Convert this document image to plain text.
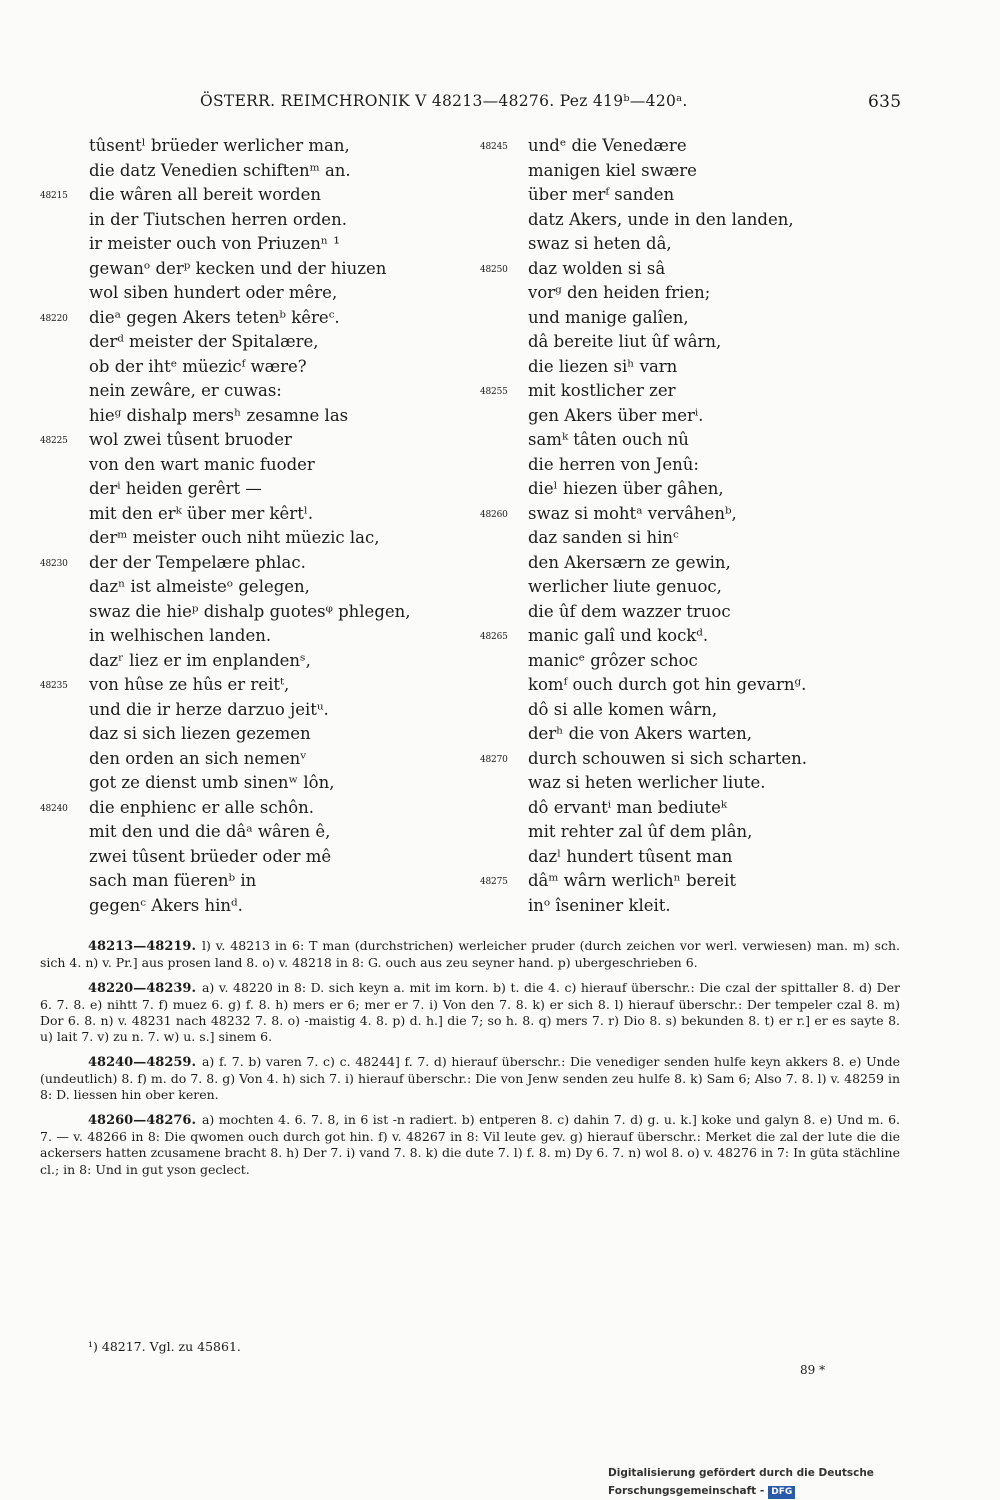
ÖSTERR. REIMCHRONIK V 48213—48276. Pez 419ᵇ—420ᵃ.	635
tûsentˡ brüeder werlicher man,
die datz Venedien schiftenᵐ an.
48215 die wâren all bereit worden
in der Tiutschen herren orden.
ir meister ouch von Priuzenⁿ ¹
gewanᵒ derᵖ kecken und der hiuzen
wol siben hundert oder mêre,
48220 dieᵃ gegen Akers tetenᵇ kêreᶜ.
derᵈ meister der Spitalære,
ob der ihtᵉ müezicᶠ wære?
nein zewâre, er cuwas:
hieᵍ dishalp mersʰ zesamne las
48225 wol zwei tûsent bruoder
von den wart manic fuoder
derⁱ heiden gerêrt —
mit den erᵏ über mer kêrtˡ.
derᵐ meister ouch niht müezic lac,
48230 der der Tempelære phlac.
dazⁿ ist almeisteᵒ gelegen,
swaz die hieᵖ dishalp guotesᵠ phlegen,
in welhischen landen.
dazʳ liez er im enplandenˢ,
48235 von hûse ze hûs er reitᵗ,
und die ir herze darzuo jeitᵘ.
daz si sich liezen gezemen
den orden an sich nemenᵛ
got ze dienst umb sinenʷ lôn,
48240 die enphienc er alle schôn.
mit den und die dâᵃ wâren ê,
zwei tûsent brüeder oder mê
sach man füerenᵇ in
gegenᶜ Akers hinᵈ.
48245 undᵉ die Venedære
manigen kiel swære
über merᶠ sanden
datz Akers, unde in den landen,
swaz si heten dâ,
48250 daz wolden si sâ
vorᵍ den heiden frien;
und manige galîen,
dâ bereite liut ûf wârn,
die liezen siʰ varn
48255 mit kostlicher zer
gen Akers über merⁱ.
samᵏ tâten ouch nû
die herren von Jenû:
dieˡ hiezen über gâhen,
48260 swaz si mohtᵃ vervâhenᵇ,
daz sanden si hinᶜ
den Akersærn ze gewin,
werlicher liute genuoc,
die ûf dem wazzer truoc
48265 manic galî und kockᵈ.
manicᵉ grôzer schoc
komᶠ ouch durch got hin gevarnᵍ.
dô si alle komen wârn,
derʰ die von Akers warten,
48270 durch schouwen si sich scharten.
waz si heten werlicher liute.
dô ervantⁱ man bediuteᵏ
mit rehter zal ûf dem plân,
dazˡ hundert tûsent man
48275 dâᵐ wârn werlichⁿ bereit
inᵒ îseniner kleit.
48213—48219. l) v. 48213 in 6: T man (durchstrichen) werleicher pruder (durch zeichen vor werl. verwiesen) man. m) sch. sich 4. n) v. Pr.] aus prosen land 8. o) v. 48218 in 8: G. ouch aus zeu seyner hand. p) ubergeschrieben 6.
48220—48239. a) v. 48220 in 8: D. sich keyn a. mit im korn. b) t. die 4. c) hierauf überschr.: Die czal der spittaller 8. d) Der 6. 7. 8. e) nihtt 7. f) muez 6. g) f. 8. h) mers er 6; mer er 7. i) Von den 7. 8. k) er sich 8. l) hierauf überschr.: Der tempeler czal 8. m) Dor 6. 8. n) v. 48231 nach 48232 7. 8. o) -maistig 4. 8. p) d. h.] die 7; so h. 8. q) mers 7. r) Dio 8. s) bekunden 8. t) er r.] er es sayte 8. u) lait 7. v) zu n. 7. w) u. s.] sinem 6.
48240—48259. a) f. 7. b) varen 7. c) c. 48244] f. 7. d) hierauf überschr.: Die venediger senden hulfe keyn akkers 8. e) Unde (undeutlich) 8. f) m. do 7. 8. g) Von 4. h) sich 7. i) hierauf überschr.: Die von Jenw senden zeu hulfe 8. k) Sam 6; Also 7. 8. l) v. 48259 in 8: D. liessen hin ober keren.
48260—48276. a) mochten 4. 6. 7. 8, in 6 ist -n radiert. b) entperen 8. c) dahin 7. d) g. u. k.] koke und galyn 8. e) Und m. 6. 7. — v. 48266 in 8: Die qwomen ouch durch got hin. f) v. 48267 in 8: Vil leute gev. g) hierauf überschr.: Merket die zal der lute die die ackersers hatten zcusamene bracht 8. h) Der 7. i) vand 7. 8. k) die dute 7. l) f. 8. m) Dy 6. 7. n) wol 8. o) v. 48276 in 7: In güta stächline cl.; in 8: Und in gut yson geclect.
¹) 48217. Vgl. zu 45861.
89 *
Digitalisierung gefördert durch die Deutsche Forschungsgemeinschaft - DFG
